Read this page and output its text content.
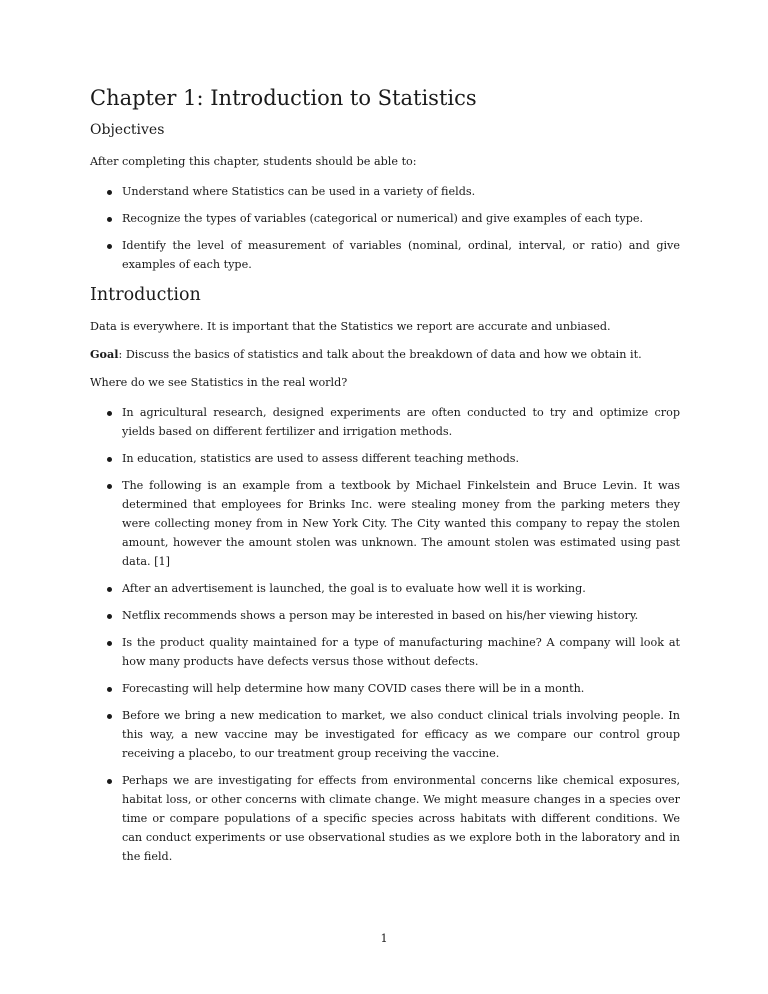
Chapter 1: Introduction to Statistics
Objectives

After completing this chapter, students should be able to:

Understand where Statistics can be used in a variety of fields.
Recognize the types of variables (categorical or numerical) and give examples of each type.
Identify the level of measurement of variables (nominal, ordinal, interval, or ratio) and give examples of each type.
Introduction

Data is everywhere. It is important that the Statistics we report are accurate and unbiased.

Goal: Discuss the basics of statistics and talk about the breakdown of data and how we obtain it.

Where do we see Statistics in the real world?

In agricultural research, designed experiments are often conducted to try and optimize crop yields based on different fertilizer and irrigation methods.
In education, statistics are used to assess different teaching methods.
The following is an example from a textbook by Michael Finkelstein and Bruce Levin. It was determined that employees for Brinks Inc. were stealing money from the parking meters they were collecting money from in New York City. The City wanted this company to repay the stolen amount, however the amount stolen was unknown. The amount stolen was estimated using past data. [1]
After an advertisement is launched, the goal is to evaluate how well it is working.
Netflix recommends shows a person may be interested in based on his/her viewing history.
Is the product quality maintained for a type of manufacturing machine? A company will look at how many products have defects versus those without defects.
Forecasting will help determine how many COVID cases there will be in a month.
Before we bring a new medication to market, we also conduct clinical trials involving people. In this way, a new vaccine may be investigated for efficacy as we compare our control group receiving a placebo, to our treatment group receiving the vaccine.
Perhaps we are investigating for effects from environmental concerns like chemical exposures, habitat loss, or other concerns with climate change. We might measure changes in a species over time or compare populations of a specific species across habitats with different conditions. We can conduct experiments or use observational studies as we explore both in the laboratory and in the field.
1
